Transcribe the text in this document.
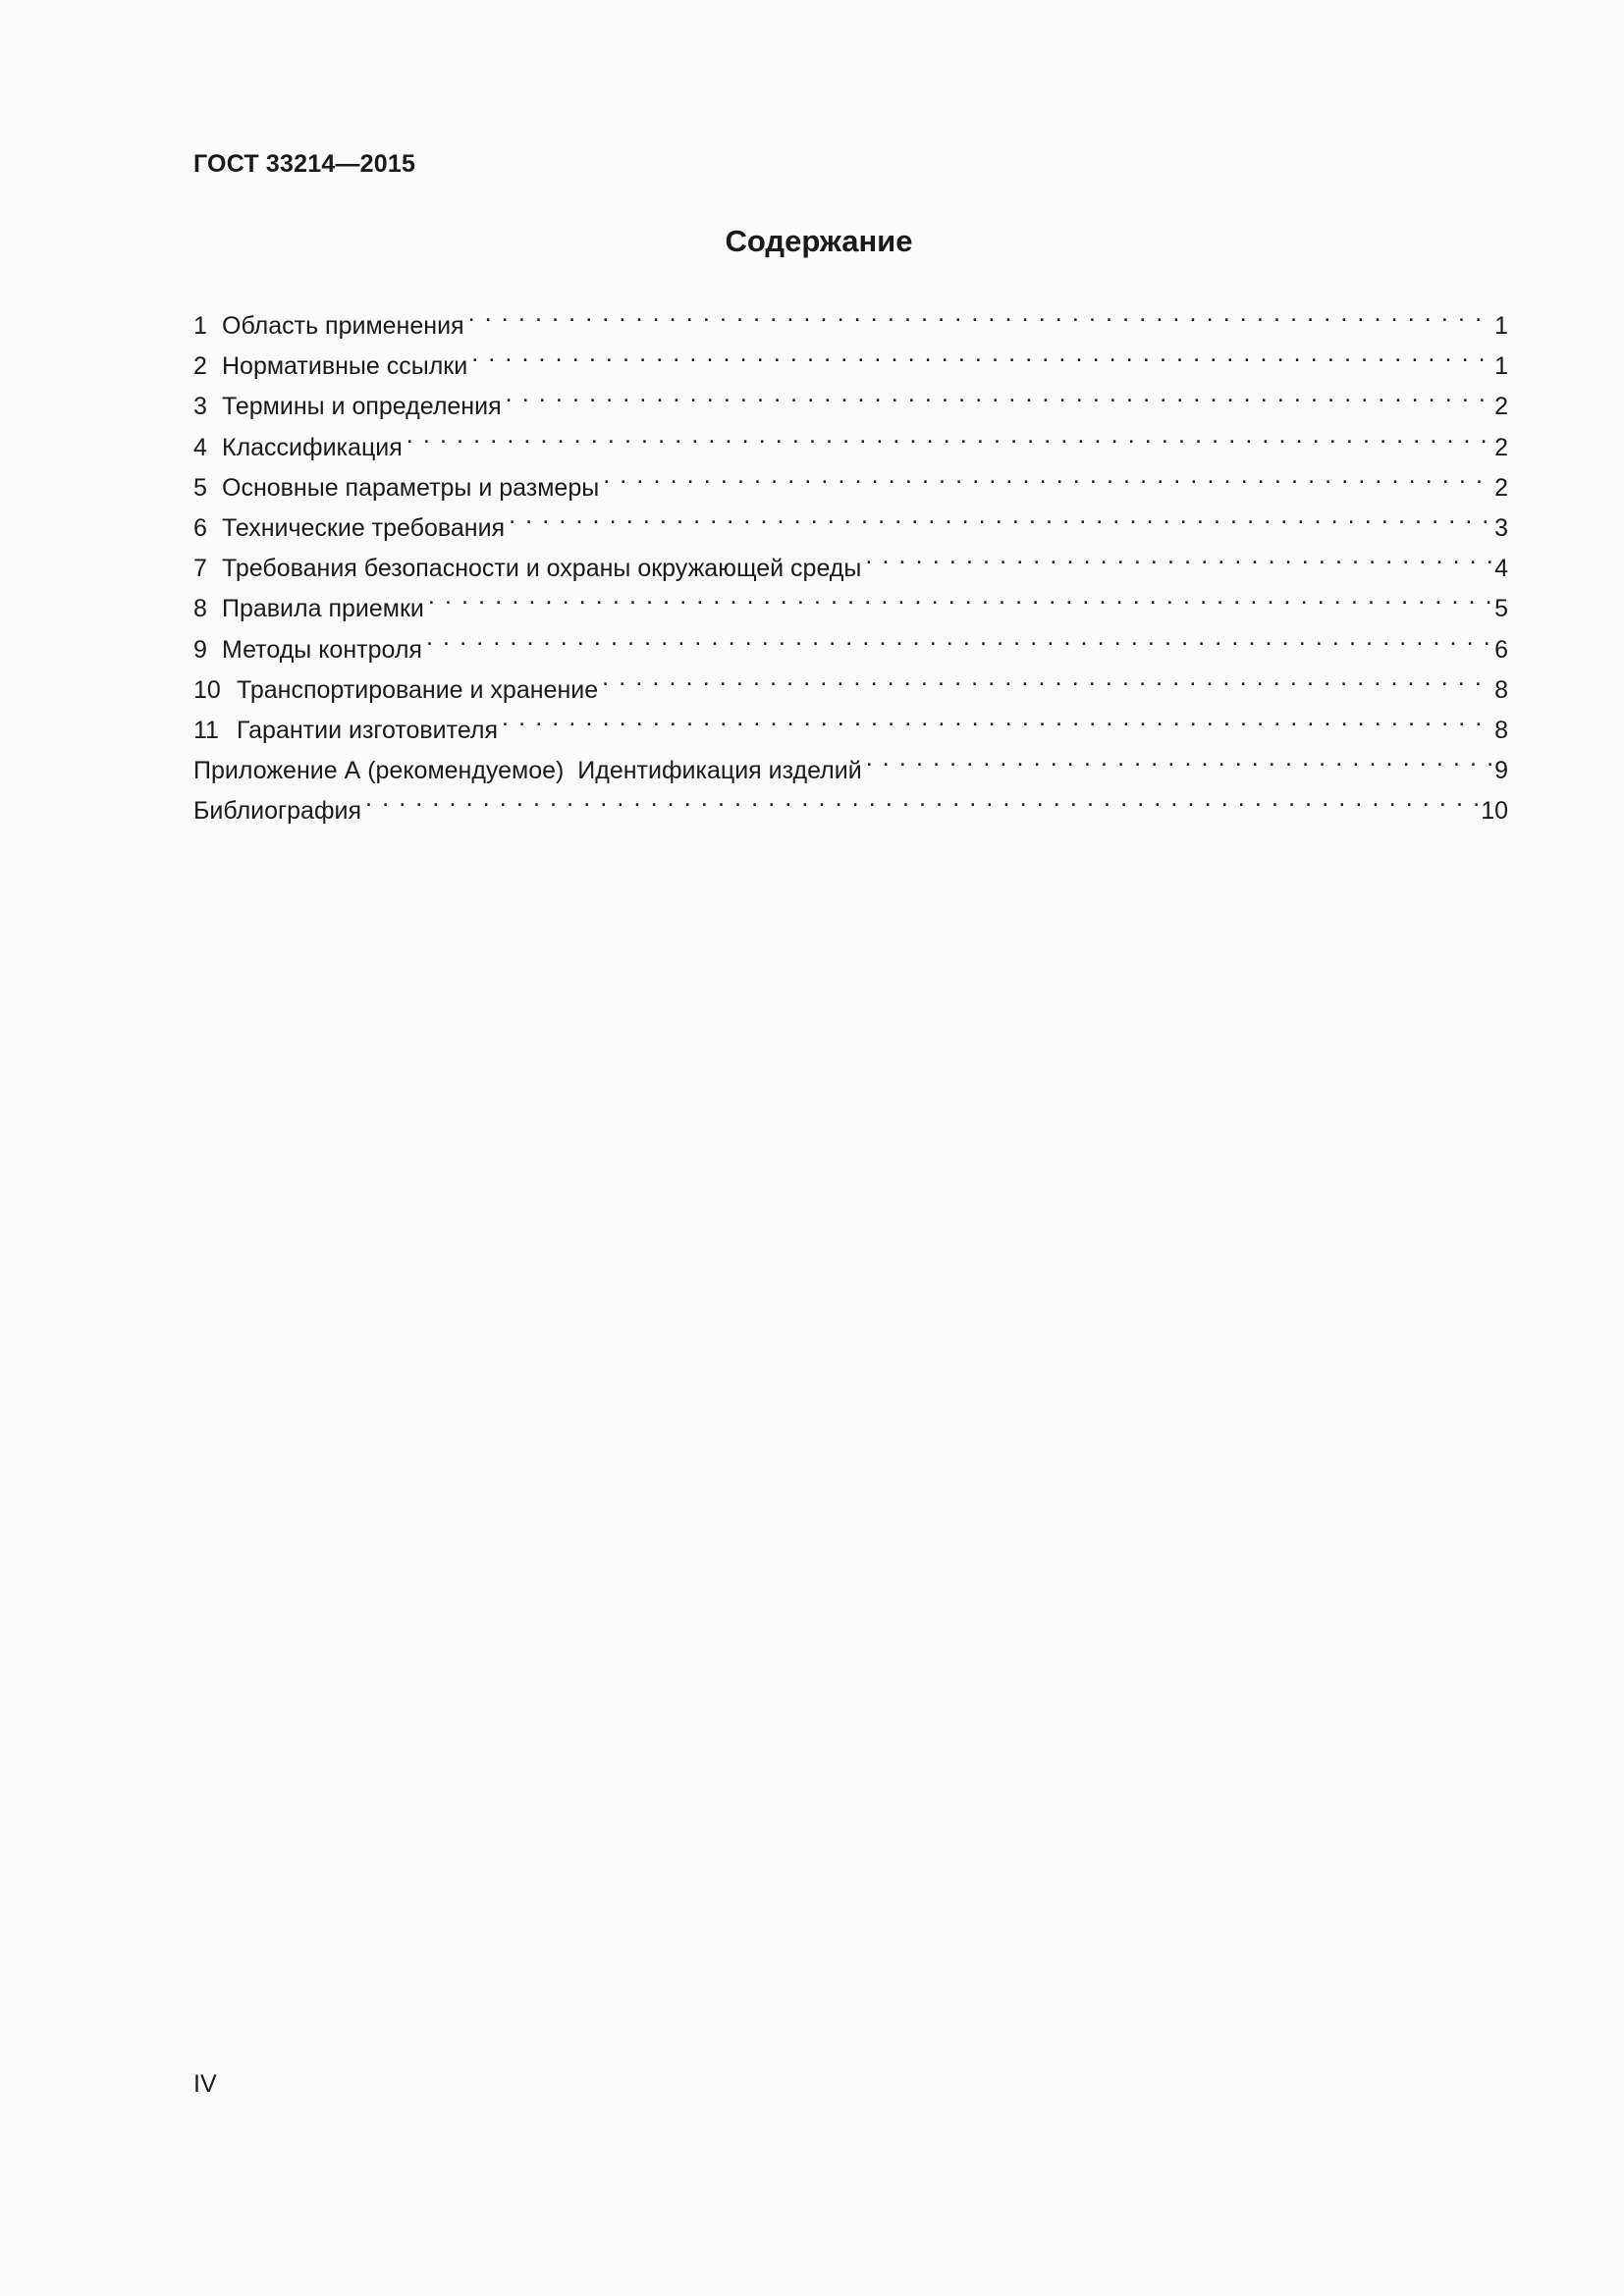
ГОСТ 33214—2015
Содержание
1 Область применения . . .	1
2 Нормативные ссылки . . .	1
3 Термины и определения . . .	2
4 Классификация . . .	2
5 Основные параметры и размеры . . .	2
6 Технические требования . . .	3
7 Требования безопасности и охраны окружающей среды . . .	4
8 Правила приемки . . .	5
9 Методы контроля . . .	6
10 Транспортирование и хранение . . .	8
11 Гарантии изготовителя . . .	8
Приложение А (рекомендуемое)  Идентификация изделий . . .	9
Библиография . . .	10
IV
